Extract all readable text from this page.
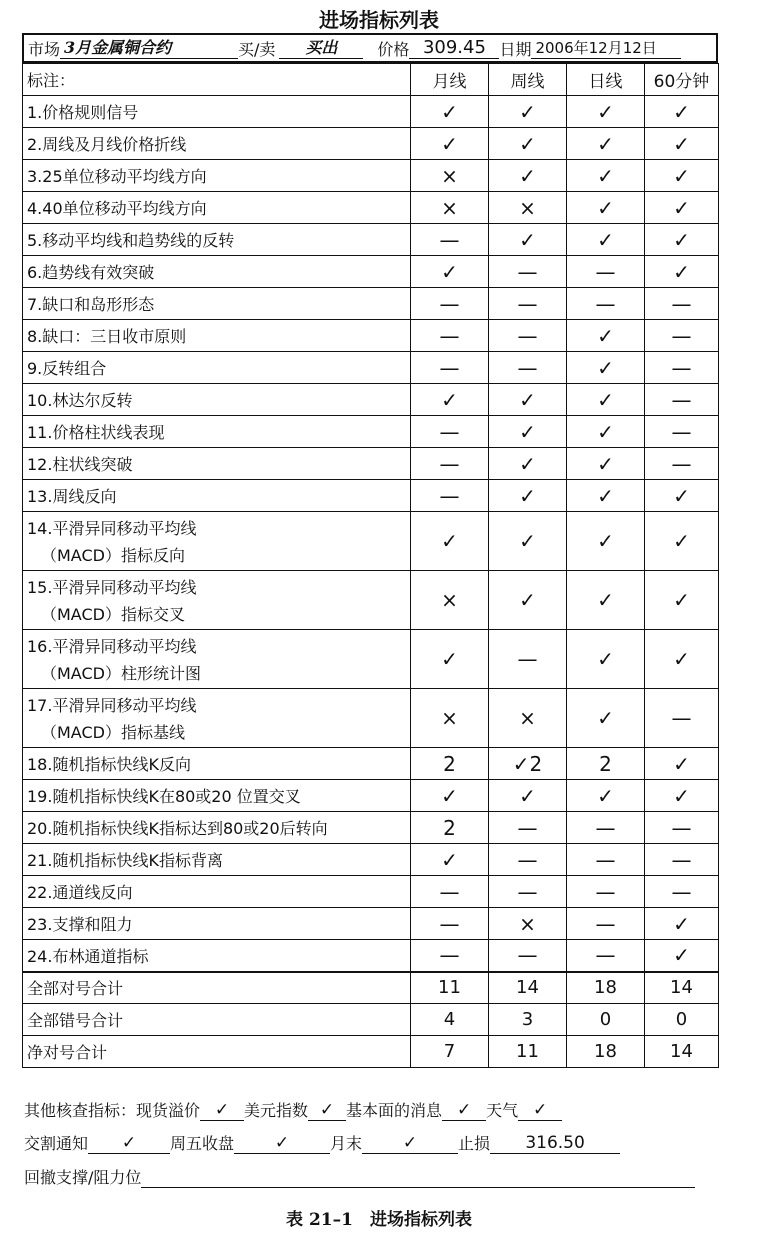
进场指标列表
市场 3月金属铜合约	买/卖	买出	价格 309.45 日期 2006年12月12日
标注：	月线	周线	日线	60分钟

1.价格规则信号	✓	✓	✓	✓

2.周线及月线价格折线	✓	✓	✓	✓

3.25单位移动平均线方向	×	✓	✓	✓

4.40单位移动平均线方向	×	×	✓	✓

5.移动平均线和趋势线的反转	—	✓	✓	✓

6.趋势线有效突破	✓	—	—	✓

7.缺口和岛形形态	—	—	—	—

8.缺口：三日收市原则	—	—	✓	—

9.反转组合	—	—	✓	—

10.林达尔反转	✓	✓	✓	—

11.价格柱状线表现	—	✓	✓	—

12.柱状线突破	—	✓	✓	—

13.周线反向	—	✓	✓	✓

14.平滑异同移动平均线
（MACD）指标反向	✓	✓	✓	✓

15.平滑异同移动平均线
（MACD）指标交叉	×	✓	✓	✓

16.平滑异同移动平均线
（MACD）柱形统计图	✓	—	✓	✓

17.平滑异同移动平均线
（MACD）指标基线	×	×	✓	—

18.随机指标快线K反向	2	✓2	2	✓

19.随机指标快线K在80或20 位置交叉	✓	✓	✓	✓

20.随机指标快线K指标达到80或20后转向	2	—	—	—

21.随机指标快线K指标背离	✓	—	—	—

22.通道线反向	—	—	—	—

23.支撑和阻力	—	×	—	✓

24.布林通道指标	—	—	—	✓
全部对号合计	11	14	18	14
全部错号合计	4	3	0	0
净对号合计	7	11	18	14
其他核查指标： 现货溢价 ✓ 美元指数 ✓ 基本面的消息 ✓ 天气 ✓
交割通知	✓	周五收盘	✓	月末	✓	止损	316.50
回撤支撑/阻力位
表 21–1　进场指标列表
